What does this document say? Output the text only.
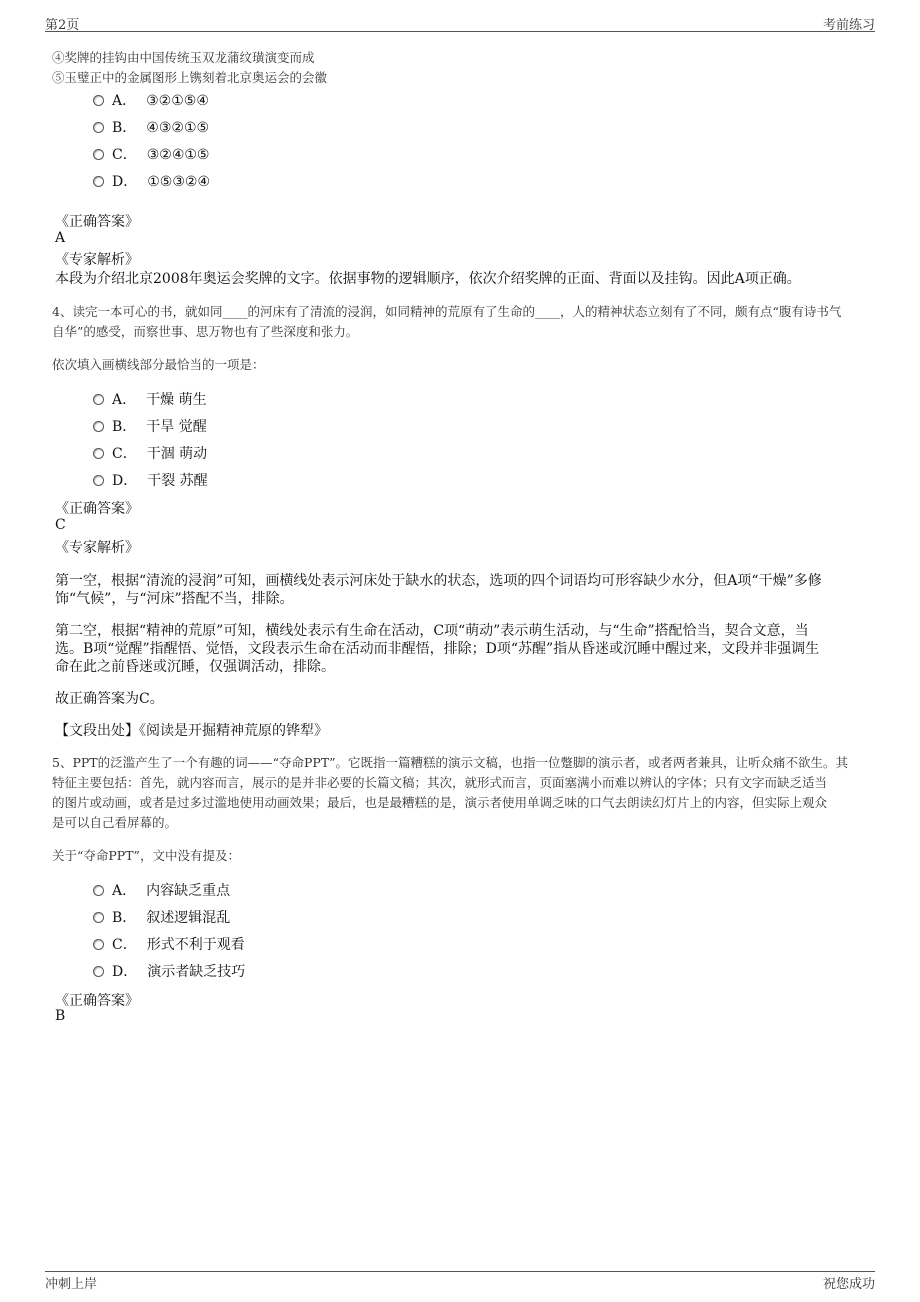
第2页	考前练习
④奖牌的挂钩由中国传统玉双龙蒲纹璜演变而成
⑤玉璧正中的金属图形上镌刻着北京奥运会的会徽
A． ③②①⑤④
B． ④③②①⑤
C． ③②④①⑤
D． ①⑤③②④
《正确答案》
A
《专家解析》
本段为介绍北京2008年奥运会奖牌的文字。依据事物的逻辑顺序，依次介绍奖牌的正面、背面以及挂钩。因此A项正确。
4、读完一本可心的书，就如同____的河床有了清流的浸润，如同精神的荒原有了生命的____，人的精神状态立刻有了不同，颇有点“腹有诗书气
自华”的感受，而察世事、思万物也有了些深度和张力。
依次填入画横线部分最恰当的一项是：
A． 干燥 萌生
B． 干旱 觉醒
C． 干涸 萌动
D． 干裂 苏醒
《正确答案》
C
《专家解析》
第一空，根据“清流的浸润”可知，画横线处表示河床处于缺水的状态，选项的四个词语均可形容缺少水分，但A项“干燥”多修
饰“气候”，与“河床”搭配不当，排除。
第二空，根据“精神的荒原”可知，横线处表示有生命在活动，C项“萌动”表示萌生活动，与“生命”搭配恰当，契合文意，当
选。B项“觉醒”指醒悟、觉悟，文段表示生命在活动而非醒悟，排除；D项“苏醒”指从昏迷或沉睡中醒过来，文段并非强调生
命在此之前昏迷或沉睡，仅强调活动，排除。
故正确答案为C。
【文段出处】《阅读是开掘精神荒原的铧犁》
5、PPT的泛滥产生了一个有趣的词——“夺命PPT”。它既指一篇糟糕的演示文稿，也指一位蹩脚的演示者，或者两者兼具，让听众痛不欲生。其
特征主要包括：首先，就内容而言，展示的是并非必要的长篇文稿；其次，就形式而言，页面塞满小而难以辨认的字体；只有文字而缺乏适当
的图片或动画，或者是过多过滥地使用动画效果；最后，也是最糟糕的是，演示者使用单调乏味的口气去朗读幻灯片上的内容，但实际上观众
是可以自己看屏幕的。
关于“夺命PPT”，文中没有提及：
A． 内容缺乏重点
B． 叙述逻辑混乱
C． 形式不利于观看
D． 演示者缺乏技巧
《正确答案》
B
冲刺上岸	祝您成功
